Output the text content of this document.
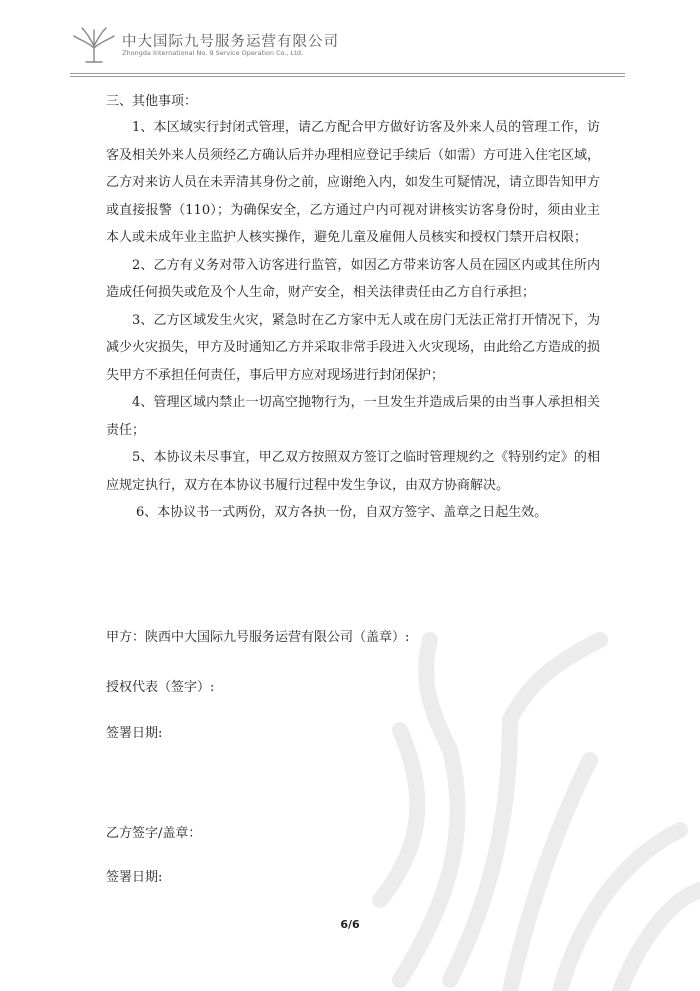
中大国际九号服务运营有限公司
Zhongda International No. 9 Service Operation Co., Ltd.
三、其他事项：

1、本区域实行封闭式管理，请乙方配合甲方做好访客及外来人员的管理工作，访客及相关外来人员须经乙方确认后并办理相应登记手续后（如需）方可进入住宅区域，乙方对来访人员在未弄清其身份之前，应谢绝入内，如发生可疑情况，请立即告知甲方或直接报警（110）；为确保安全，乙方通过户内可视对讲核实访客身份时，须由业主本人或未成年业主监护人核实操作，避免儿童及雇佣人员核实和授权门禁开启权限；

2、乙方有义务对带入访客进行监管，如因乙方带来访客人员在园区内或其住所内造成任何损失或危及个人生命，财产安全，相关法律责任由乙方自行承担；

3、乙方区域发生火灾，紧急时在乙方家中无人或在房门无法正常打开情况下，为减少火灾损失，甲方及时通知乙方并采取非常手段进入火灾现场，由此给乙方造成的损失甲方不承担任何责任，事后甲方应对现场进行封闭保护；

4、管理区域内禁止一切高空抛物行为，一旦发生并造成后果的由当事人承担相关责任；

5、本协议未尽事宜，甲乙双方按照双方签订之临时管理规约之《特别约定》的相应规定执行，双方在本协议书履行过程中发生争议，由双方协商解决。

6、本协议书一式两份，双方各执一份，自双方签字、盖章之日起生效。

甲方：陕西中大国际九号服务运营有限公司（盖章）:
授权代表（签字）:
签署日期:
乙方签字/盖章：
签署日期:
6/6
